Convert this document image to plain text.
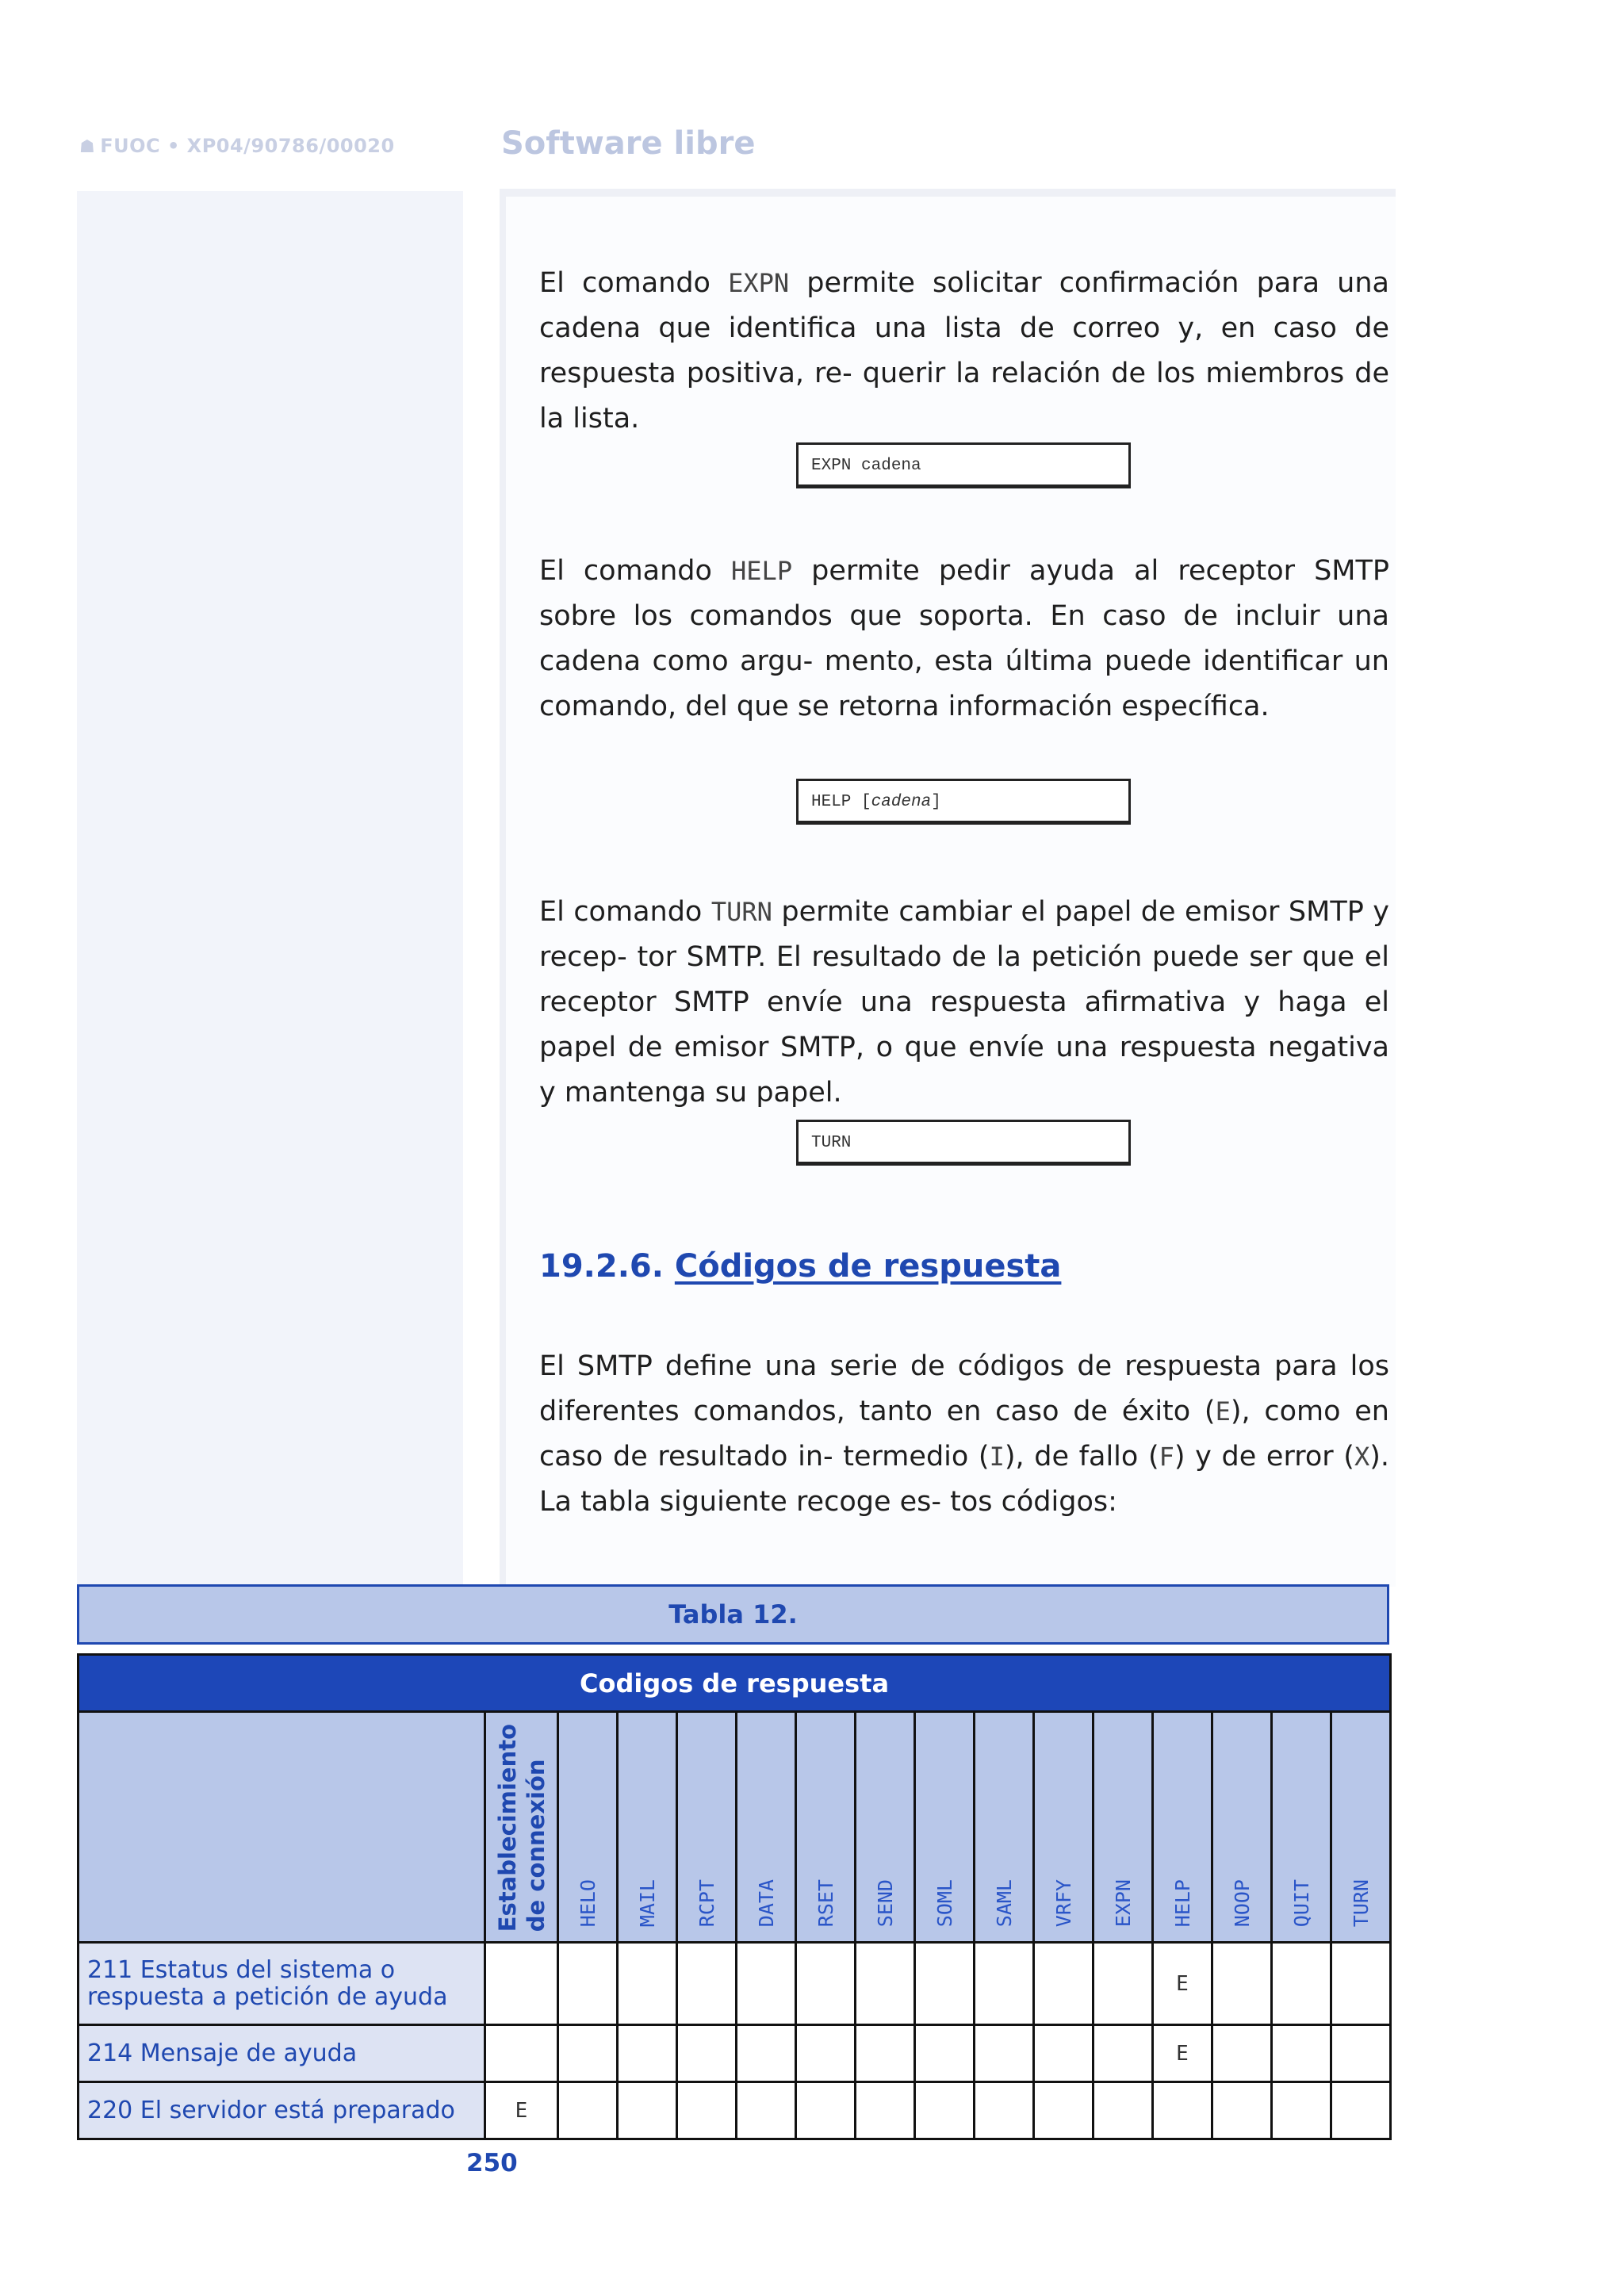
☗ FUOC • XP04/90786/00020	Software libre

El comando EXPN permite solicitar confirmación para una cadena que identifica una lista de correo y, en caso de respuesta positiva, re- querir la relación de los miembros de la lista.

EXPN cadena

El comando HELP permite pedir ayuda al receptor SMTP sobre los comandos que soporta. En caso de incluir una cadena como argu- mento, esta última puede identificar un comando, del que se retorna información específica.

HELP [cadena]

El comando TURN permite cambiar el papel de emisor SMTP y recep- tor SMTP. El resultado de la petición puede ser que el receptor SMTP envíe una respuesta afirmativa y haga el papel de emisor SMTP, o que envíe una respuesta negativa y mantenga su papel.

TURN
19.2.6. Códigos de respuesta

El SMTP define una serie de códigos de respuesta para los diferentes comandos, tanto en caso de éxito (E), como en caso de resultado in- termedio (I), de fallo (F) y de error (X). La tabla siguiente recoge es- tos códigos:

Tabla 12.
Codigos de respuesta															
	Establecimiento
de connexión	HELO	MAIL	RCPT	DATA	RSET	SEND	SOML	SAML	VRFY	EXPN	HELP	NOOP	QUIT	TURN
211 Estatus del sistema o respuesta a petición de ayuda												E			
214 Mensaje de ayuda												E			
220 El servidor está preparado	E														
250
